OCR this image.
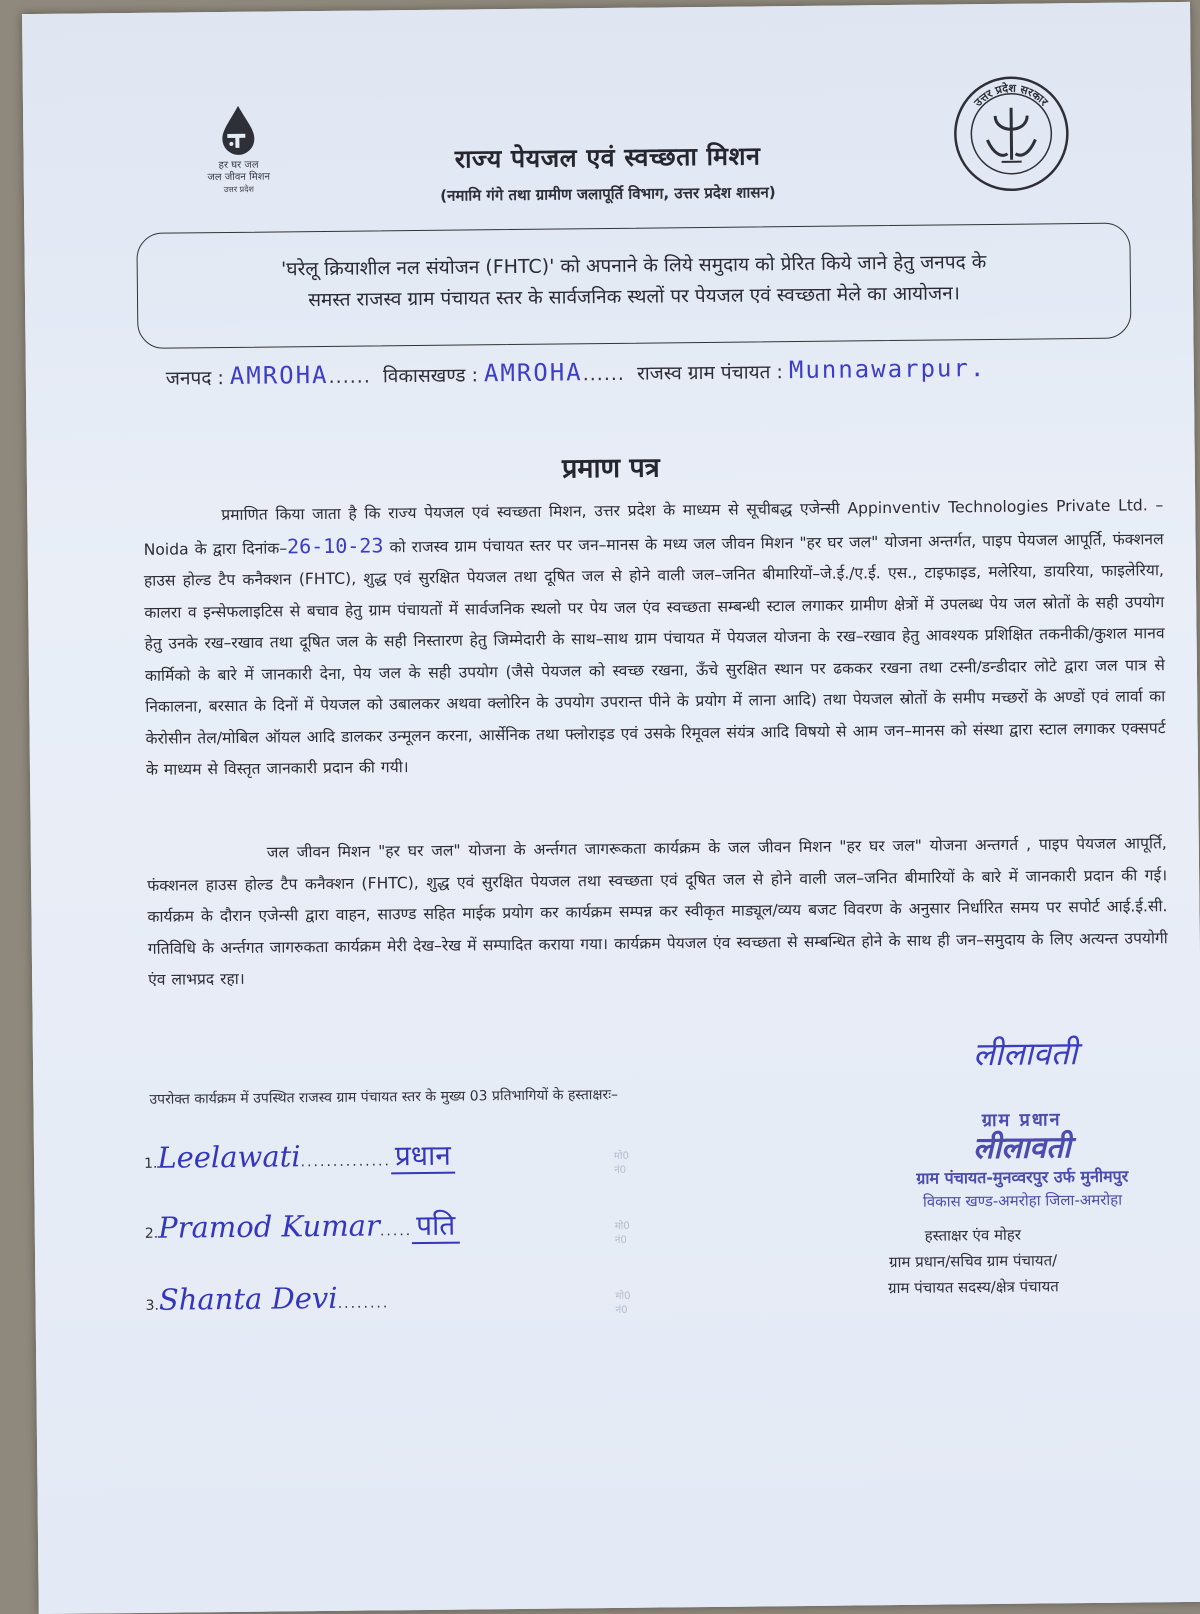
हर घर जल
जल जीवन मिशन
उत्तर प्रदेश
उत्तर प्रदेश सरकार
राज्य पेयजल एवं स्वच्छता मिशन
(नमामि गंगे तथा ग्रामीण जलापूर्ति विभाग, उत्तर प्रदेश शासन)
'घरेलू क्रियाशील नल संयोजन (FHTC)' को अपनाने के लिये समुदाय को प्रेरित किये जाने हेतु जनपद के
समस्त राजस्व ग्राम पंचायत स्तर के सार्वजनिक स्थलों पर पेयजल एवं स्वच्छता मेले का आयोजन।
जनपद : AMROHA...... विकासखण्ड : AMROHA...... राजस्व ग्राम पंचायत : Munnawarpur.
प्रमाण पत्र
प्रमाणित किया जाता है कि राज्य पेयजल एवं स्वच्छता मिशन, उत्तर प्रदेश के माध्यम से सूचीबद्ध एजेन्सी Appinventiv Technologies Private Ltd. – Noida के द्वारा दिनांक–26-10-23 को राजस्व ग्राम पंचायत स्तर पर जन–मानस के मध्य जल जीवन मिशन "हर घर जल" योजना अन्तर्गत, पाइप पेयजल आपूर्ति, फंक्शनल हाउस होल्ड टैप कनैक्शन (FHTC), शुद्ध एवं सुरक्षित पेयजल तथा दूषित जल से होने वाली जल–जनित बीमारियों–जे.ई./ए.ई. एस., टाइफाइड, मलेरिया, डायरिया, फाइलेरिया, कालरा व इन्सेफलाइटिस से बचाव हेतु ग्राम पंचायतों में सार्वजनिक स्थलो पर पेय जल एंव स्वच्छता सम्बन्धी स्टाल लगाकर ग्रामीण क्षेत्रों में उपलब्ध पेय जल स्रोतों के सही उपयोग हेतु उनके रख–रखाव तथा दूषित जल के सही निस्तारण हेतु जिम्मेदारी के साथ–साथ ग्राम पंचायत में पेयजल योजना के रख–रखाव हेतु आवश्यक प्रशिक्षित तकनीकी/कुशल मानव कार्मिको के बारे में जानकारी देना, पेय जल के सही उपयोग (जैसे पेयजल को स्वच्छ रखना, ऊँचे सुरक्षित स्थान पर ढककर रखना तथा टस्नी/डन्डीदार लोटे द्वारा जल पात्र से निकालना, बरसात के दिनों में पेयजल को उबालकर अथवा क्लोरिन के उपयोग उपरान्त पीने के प्रयोग में लाना आदि) तथा पेयजल स्रोतों के समीप मच्छरों के अण्डों एवं लार्वा का केरोसीन तेल/मोबिल ऑयल आदि डालकर उन्मूलन करना, आर्सेनिक तथा फ्लोराइड एवं उसके रिमूवल संयंत्र आदि विषयो से आम जन–मानस को संस्था द्वारा स्टाल लगाकर एक्सपर्ट के माध्यम से विस्तृत जानकारी प्रदान की गयी।
जल जीवन मिशन "हर घर जल" योजना के अर्न्तगत जागरूकता कार्यक्रम के जल जीवन मिशन "हर घर जल" योजना अन्तगर्त , पाइप पेयजल आपूर्ति, फंक्शनल हाउस होल्ड टैप कनैक्शन (FHTC), शुद्ध एवं सुरक्षित पेयजल तथा स्वच्छता एवं दूषित जल से होने वाली जल–जनित बीमारियों के बारे में जानकारी प्रदान की गई। कार्यक्रम के दौरान एजेन्सी द्वारा वाहन, साउण्ड सहित माईक प्रयोग कर कार्यक्रम सम्पन्न कर स्वीकृत माड्यूल/व्यय बजट विवरण के अनुसार निर्धारित समय पर सपोर्ट आई.ई.सी. गतिविधि के अर्न्तगत जागरुकता कार्यक्रम मेरी देख–रेख में सम्पादित कराया गया। कार्यक्रम पेयजल एंव स्वच्छता से सम्बन्धित होने के साथ ही जन–समुदाय के लिए अत्यन्त उपयोगी एंव लाभप्रद रहा।
उपरोक्त कार्यक्रम में उपस्थित राजस्व ग्राम पंचायत स्तर के मुख्य 03 प्रतिभागियों के हस्ताक्षरः–
1.Leelawati.............. प्रधान	मो0 नं0
2.Pramod Kumar..... पति	मो0 नं0
3.Shanta Devi........	मो0 नं0
लीलावती
ग्राम प्रधान
लीलावती
ग्राम पंचायत-मुनव्वरपुर उर्फ मुनीमपुर
विकास खण्ड-अमरोहा जिला-अमरोहा
हस्ताक्षर एंव मोहर
ग्राम प्रधान/सचिव ग्राम पंचायत/
ग्राम पंचायत सदस्य/क्षेत्र पंचायत
